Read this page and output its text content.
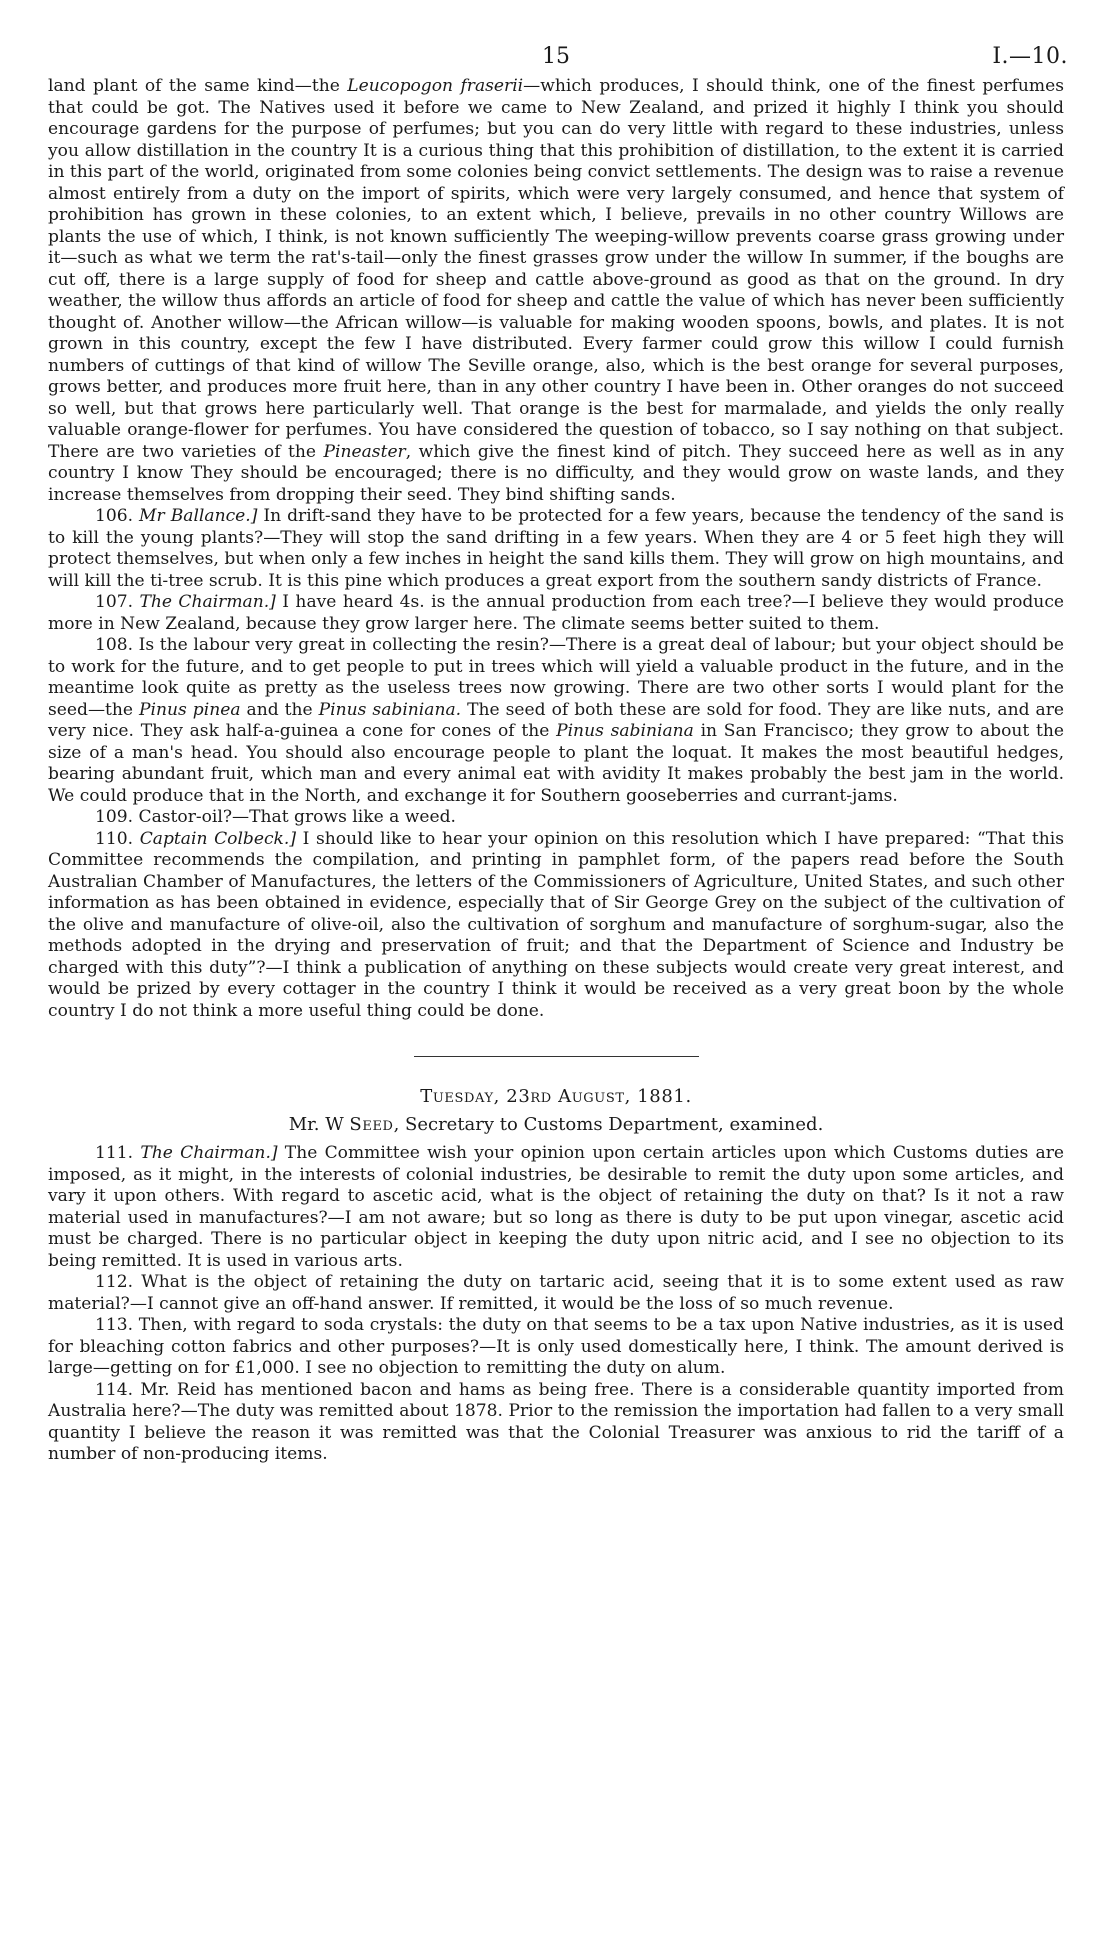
15	I.—10.

land plant of the same kind—the Leucopogon fraserii—which produces, I should think, one of the finest perfumes that could be got. The Natives used it before we came to New Zealand, and prized it highly I think you should encourage gardens for the purpose of perfumes; but you can do very little with regard to these industries, unless you allow distillation in the country It is a curious thing that this prohibition of distillation, to the extent it is carried in this part of the world, originated from some colonies being convict settlements. The design was to raise a revenue almost entirely from a duty on the import of spirits, which were very largely consumed, and hence that system of prohibition has grown in these colonies, to an extent which, I believe, prevails in no other country Willows are plants the use of which, I think, is not known sufficiently The weeping-willow prevents coarse grass growing under it—such as what we term the rat's-tail—only the finest grasses grow under the willow In summer, if the boughs are cut off, there is a large supply of food for sheep and cattle above-ground as good as that on the ground. In dry weather, the willow thus affords an article of food for sheep and cattle the value of which has never been sufficiently thought of. Another willow—the African willow—is valuable for making wooden spoons, bowls, and plates. It is not grown in this country, except the few I have distributed. Every farmer could grow this willow I could furnish numbers of cuttings of that kind of willow The Seville orange, also, which is the best orange for several purposes, grows better, and produces more fruit here, than in any other country I have been in. Other oranges do not succeed so well, but that grows here particularly well. That orange is the best for marmalade, and yields the only really valuable orange-flower for perfumes. You have considered the question of tobacco, so I say nothing on that subject. There are two varieties of the Pineaster, which give the finest kind of pitch. They succeed here as well as in any country I know They should be encouraged; there is no difficulty, and they would grow on waste lands, and they increase themselves from dropping their seed. They bind shifting sands.

106. Mr Ballance.] In drift-sand they have to be protected for a few years, because the tendency of the sand is to kill the young plants?—They will stop the sand drifting in a few years. When they are 4 or 5 feet high they will protect themselves, but when only a few inches in height the sand kills them. They will grow on high mountains, and will kill the ti-tree scrub. It is this pine which produces a great export from the southern sandy districts of France.

107. The Chairman.] I have heard 4s. is the annual production from each tree?—I believe they would produce more in New Zealand, because they grow larger here. The climate seems better suited to them.

108. Is the labour very great in collecting the resin?—There is a great deal of labour; but your object should be to work for the future, and to get people to put in trees which will yield a valuable product in the future, and in the meantime look quite as pretty as the useless trees now growing. There are two other sorts I would plant for the seed—the Pinus pinea and the Pinus sabiniana. The seed of both these are sold for food. They are like nuts, and are very nice. They ask half-a-guinea a cone for cones of the Pinus sabiniana in San Francisco; they grow to about the size of a man's head. You should also encourage people to plant the loquat. It makes the most beautiful hedges, bearing abundant fruit, which man and every animal eat with avidity It makes probably the best jam in the world. We could produce that in the North, and exchange it for Southern gooseberries and currant-jams.

109. Castor-oil?—That grows like a weed.

110. Captain Colbeck.] I should like to hear your opinion on this resolution which I have prepared: “That this Committee recommends the compilation, and printing in pamphlet form, of the papers read before the South Australian Chamber of Manufactures, the letters of the Commissioners of Agriculture, United States, and such other information as has been obtained in evidence, especially that of Sir George Grey on the subject of the cultivation of the olive and manufacture of olive-oil, also the cultivation of sorghum and manufacture of sorghum-sugar, also the methods adopted in the drying and preservation of fruit; and that the Department of Science and Industry be charged with this duty”?—I think a publication of anything on these subjects would create very great interest, and would be prized by every cottager in the country I think it would be received as a very great boon by the whole country I do not think a more useful thing could be done.

Tuesday, 23rd August, 1881.
Mr. W Seed, Secretary to Customs Department, examined.

111. The Chairman.] The Committee wish your opinion upon certain articles upon which Customs duties are imposed, as it might, in the interests of colonial industries, be desirable to remit the duty upon some articles, and vary it upon others. With regard to ascetic acid, what is the object of retaining the duty on that? Is it not a raw material used in manufactures?—I am not aware; but so long as there is duty to be put upon vinegar, ascetic acid must be charged. There is no particular object in keeping the duty upon nitric acid, and I see no objection to its being remitted. It is used in various arts.

112. What is the object of retaining the duty on tartaric acid, seeing that it is to some extent used as raw material?—I cannot give an off-hand answer. If remitted, it would be the loss of so much revenue.

113. Then, with regard to soda crystals: the duty on that seems to be a tax upon Native industries, as it is used for bleaching cotton fabrics and other purposes?—It is only used domestically here, I think. The amount derived is large—getting on for £1,000. I see no objection to remitting the duty on alum.

114. Mr. Reid has mentioned bacon and hams as being free. There is a considerable quantity imported from Australia here?—The duty was remitted about 1878. Prior to the remission the importation had fallen to a very small quantity I believe the reason it was remitted was that the Colonial Treasurer was anxious to rid the tariff of a number of non-producing items.
